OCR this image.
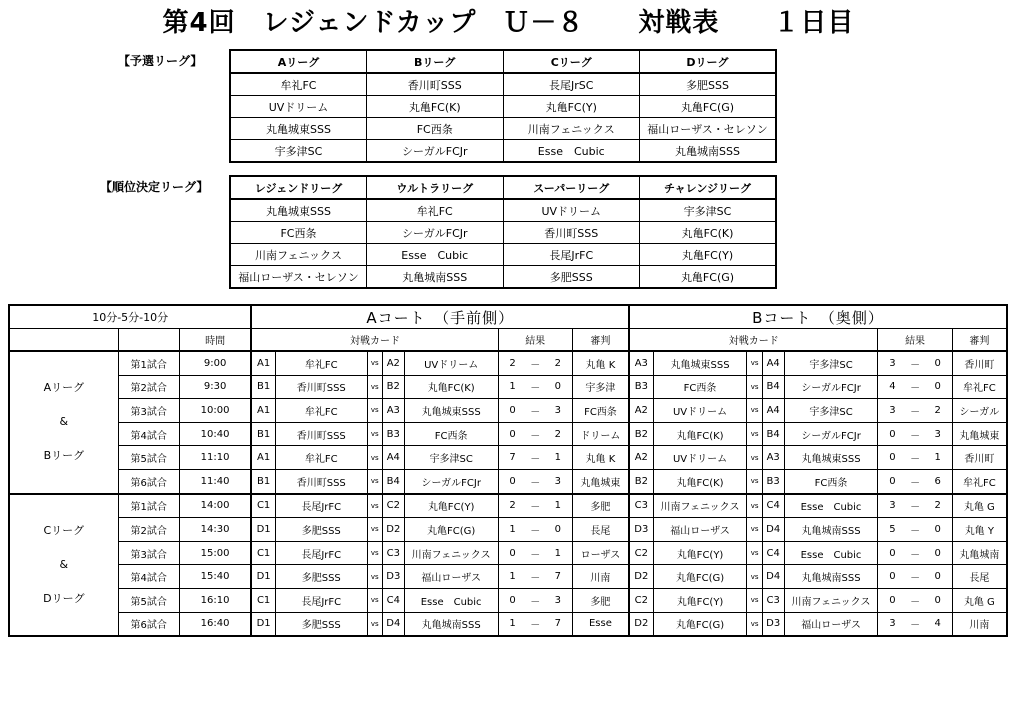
第4回　レジェンドカップ　Ｕ－８　　対戦表　　１日目
【予選リーグ】	Aリーグ	Bリーグ	Cリーグ	Dリーグ
牟礼FC	香川町SSS	長尾JrSC	多肥SSS
UVドリーム	丸亀FC(K)	丸亀FC(Y)	丸亀FC(G)
丸亀城東SSS	FC西条	川南フェニックス	福山ローザス・セレソン
宇多津SC	シーガルFCJr	Esse　Cubic	丸亀城南SSS
【順位決定リーグ】	レジェンドリーグ	ウルトラリーグ	スーパーリーグ	チャレンジリーグ
丸亀城東SSS	牟礼FC	UVドリーム	宇多津SC
FC西条	シーガルFCJr	香川町SSS	丸亀FC(K)
川南フェニックス	Esse　Cubic	長尾JrFC	丸亀FC(Y)
福山ローザス・セレソン	丸亀城南SSS	多肥SSS	丸亀FC(G)
10分-5分-10分			Aコート　（手前側）									Bコート　（奥側）								
		時間	対戦カード					結果			審判	対戦カード					結果			審判
Aリーグ
&
Bリーグ	第1試合	9:00	A1	牟礼FC	vs	A2	UVドリーム	2	－	2	丸亀 K	A3	丸亀城東SSS	vs	A4	宇多津SC	3	－	0	香川町
	第2試合	9:30	B1	香川町SSS	vs	B2	丸亀FC(K)	1	－	0	宇多津	B3	FC西条	vs	B4	シーガルFCJr	4	－	0	牟礼FC
	第3試合	10:00	A1	牟礼FC	vs	A3	丸亀城東SSS	0	－	3	FC西条	A2	UVドリーム	vs	A4	宇多津SC	3	－	2	シーガル
	第4試合	10:40	B1	香川町SSS	vs	B3	FC西条	0	－	2	ドリーム	B2	丸亀FC(K)	vs	B4	シーガルFCJr	0	－	3	丸亀城東
	第5試合	11:10	A1	牟礼FC	vs	A4	宇多津SC	7	－	1	丸亀 K	A2	UVドリーム	vs	A3	丸亀城東SSS	0	－	1	香川町
	第6試合	11:40	B1	香川町SSS	vs	B4	シーガルFCJr	0	－	3	丸亀城東	B2	丸亀FC(K)	vs	B3	FC西条	0	－	6	牟礼FC
Cリーグ
&
Dリーグ	第1試合	14:00	C1	長尾JrFC	vs	C2	丸亀FC(Y)	2	－	1	多肥	C3	川南フェニックス	vs	C4	Esse　Cubic	3	－	2	丸亀 G
	第2試合	14:30	D1	多肥SSS	vs	D2	丸亀FC(G)	1	－	0	長尾	D3	福山ローザス	vs	D4	丸亀城南SSS	5	－	0	丸亀 Y
	第3試合	15:00	C1	長尾JrFC	vs	C3	川南フェニックス	0	－	1	ローザス	C2	丸亀FC(Y)	vs	C4	Esse　Cubic	0	－	0	丸亀城南
	第4試合	15:40	D1	多肥SSS	vs	D3	福山ローザス	1	－	7	川南	D2	丸亀FC(G)	vs	D4	丸亀城南SSS	0	－	0	長尾
	第5試合	16:10	C1	長尾JrFC	vs	C4	Esse　Cubic	0	－	3	多肥	C2	丸亀FC(Y)	vs	C3	川南フェニックス	0	－	0	丸亀 G
	第6試合	16:40	D1	多肥SSS	vs	D4	丸亀城南SSS	1	－	7	Esse	D2	丸亀FC(G)	vs	D3	福山ローザス	3	－	4	川南
